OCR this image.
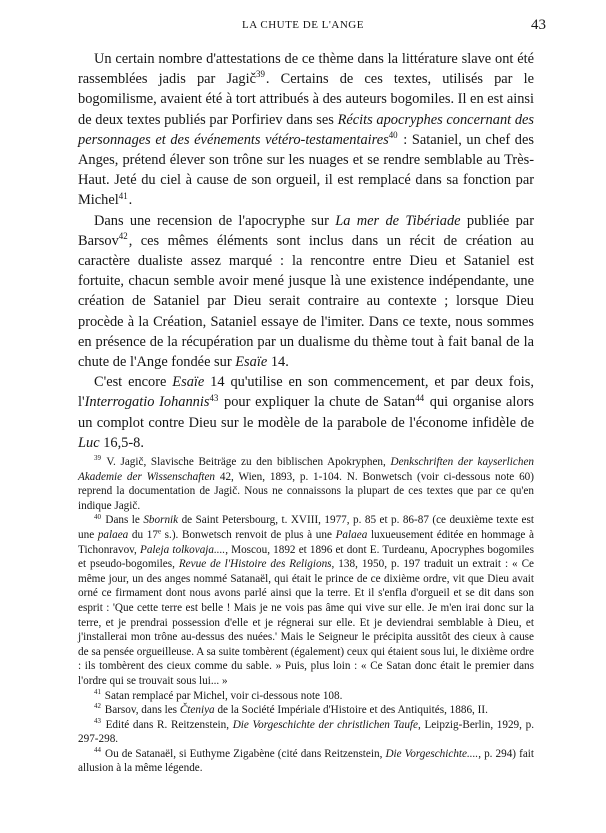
LA CHUTE DE L'ANGE	43

Un certain nombre d'attestations de ce thème dans la littérature slave ont été rassemblées jadis par Jagič$^{39}$. Certains de ces textes, utilisés par le bogomilisme, avaient été à tort attribués à des auteurs bogomiles. Il en est ainsi de deux textes publiés par Porfiriev dans ses Récits apocryphes concernant des personnages et des événements vétéro-testamentaires$^{40}$ : Sataniel, un chef des Anges, prétend élever son trône sur les nuages et se rendre semblable au Très-Haut. Jeté du ciel à cause de son orgueil, il est remplacé dans sa fonction par Michel$^{41}$.

Dans une recension de l'apocryphe sur La mer de Tibériade publiée par Barsov$^{42}$, ces mêmes éléments sont inclus dans un récit de création au caractère dualiste assez marqué : la rencontre entre Dieu et Sataniel est fortuite, chacun semble avoir mené jusque là une existence indépendante, une création de Sataniel par Dieu serait contraire au contexte ; lorsque Dieu procède à la Création, Sataniel essaye de l'imiter. Dans ce texte, nous sommes en présence de la récupération par un dualisme du thème tout à fait banal de la chute de l'Ange fondée sur Esaïe 14.

C'est encore Esaïe 14 qu'utilise en son commencement, et par deux fois, l'Interrogatio Iohannis$^{43}$ pour expliquer la chute de Satan$^{44}$ qui organise alors un complot contre Dieu sur le modèle de la parabole de l'économe infidèle de Luc 16,5-8.

$^{39}$ V. Jagič, Slavische Beiträge zu den biblischen Apokryphen, Denkschriften der kayserlichen Akademie der Wissenschaften 42, Wien, 1893, p. 1-104. N. Bonwetsch (voir ci-dessous note 60) reprend la documentation de Jagič. Nous ne connaissons la plupart de ces textes que par ce qu'en indique Jagič.

$^{40}$ Dans le Sbornik de Saint Petersbourg, t. XVIII, 1977, p. 85 et p. 86-87 (ce deuxième texte est une palaea du 17e s.). Bonwetsch renvoit de plus à une Palaea luxueusement éditée en hommage à Tichonravov, Paleja tolkovaja...., Moscou, 1892 et 1896 et dont E. Turdeanu, Apocryphes bogomiles et pseudo-bogomiles, Revue de l'Histoire des Religions, 138, 1950, p. 197 traduit un extrait : « Ce même jour, un des anges nommé Satanaël, qui était le prince de ce dixième ordre, vit que Dieu avait orné ce firmament dont nous avons parlé ainsi que la terre. Et il s'enfla d'orgueil et se dit dans son esprit : 'Que cette terre est belle ! Mais je ne vois pas âme qui vive sur elle. Je m'en irai donc sur la terre, et je prendrai possession d'elle et je régnerai sur elle. Et je deviendrai semblable à Dieu, et j'installerai mon trône au-dessus des nuées.' Mais le Seigneur le précipita aussitôt des cieux à cause de sa pensée orgueilleuse. A sa suite tombèrent (également) ceux qui étaient sous lui, le dixième ordre : ils tombèrent des cieux comme du sable. » Puis, plus loin : « Ce Satan donc était le premier dans l'ordre qui se trouvait sous lui... »

$^{41}$ Satan remplacé par Michel, voir ci-dessous note 108.

$^{42}$ Barsov, dans les Čteniya de la Société Impériale d'Histoire et des Antiquités, 1886, II.

$^{43}$ Edité dans R. Reitzenstein, Die Vorgeschichte der christlichen Taufe, Leipzig-Berlin, 1929, p. 297-298.

$^{44}$ Ou de Satanaël, si Euthyme Zigabène (cité dans Reitzenstein, Die Vorgeschichte...., p. 294) fait allusion à la même légende.
